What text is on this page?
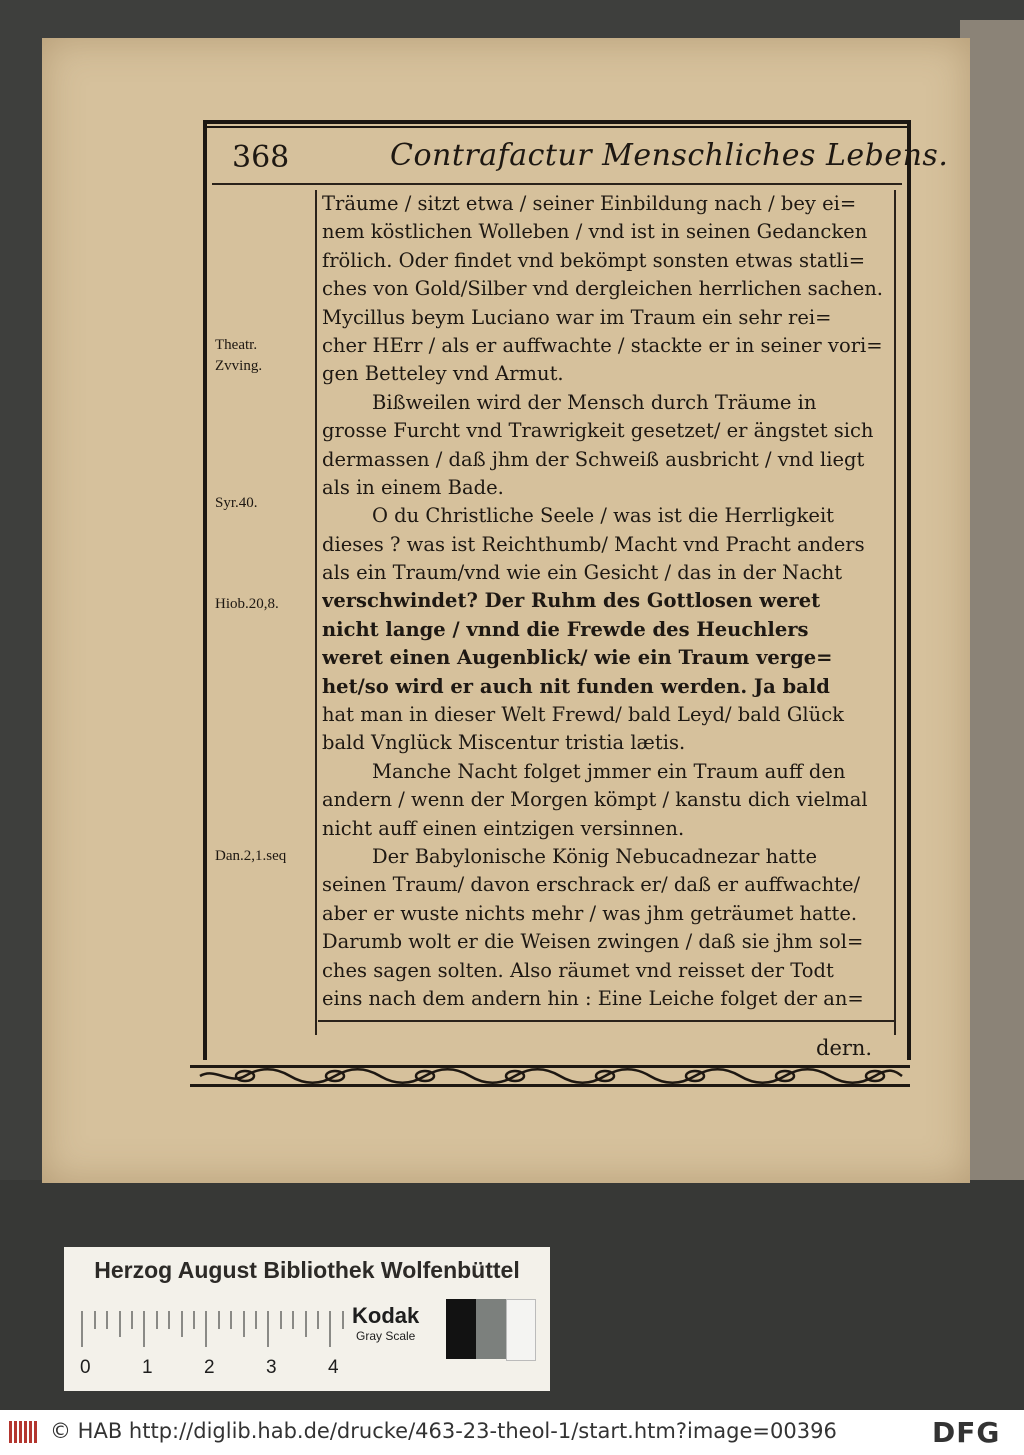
368	Contrafactur Menschliches Lebens.
Theatr.
Zvving.
Syr.40.
Hiob.20,8.
Dan.2,1.seq
Träume / sitzt etwa / seiner Einbildung nach / bey ei=
nem köstlichen Wolleben / vnd ist in seinen Gedancken
frölich. Oder findet vnd bekömpt sonsten etwas statli=
ches von Gold/Silber vnd dergleichen herrlichen sachen.
Mycillus beym Luciano war im Traum ein sehr rei=
cher HErr / als er auffwachte / stackte er in seiner vori=
gen Betteley vnd Armut.
Bißweilen wird der Mensch durch Träume in
grosse Furcht vnd Trawrigkeit gesetzet/ er ängstet sich
dermassen / daß jhm der Schweiß ausbricht / vnd liegt
als in einem Bade.
O du Christliche Seele / was ist die Herrligkeit
dieses ? was ist Reichthumb/ Macht vnd Pracht anders
als ein Traum/vnd wie ein Gesicht / das in der Nacht
verschwindet? Der Ruhm des Gottlosen weret
nicht lange / vnnd die Frewde des Heuchlers
weret einen Augenblick/ wie ein Traum verge=
het/so wird er auch nit funden werden. Ja bald
hat man in dieser Welt Frewd/ bald Leyd/ bald Glück
bald Vnglück Miscentur tristia lætis.
Manche Nacht folget jmmer ein Traum auff den
andern / wenn der Morgen kömpt / kanstu dich vielmal
nicht auff einen eintzigen versinnen.
Der Babylonische König Nebucadnezar hatte
seinen Traum/ davon erschrack er/ daß er auffwachte/
aber er wuste nichts mehr / was jhm geträumet hatte.
Darumb wolt er die Weisen zwingen / daß sie jhm sol=
ches sagen solten. Also räumet vnd reisset der Todt
eins nach dem andern hin : Eine Leiche folget der an=
dern.
Herzog August Bibliothek Wolfenbüttel
0	1	2	3	4
Kodak
Gray Scale
© HAB http://diglib.hab.de/drucke/463-23-theol-1/start.htm?image=00396	DFG
